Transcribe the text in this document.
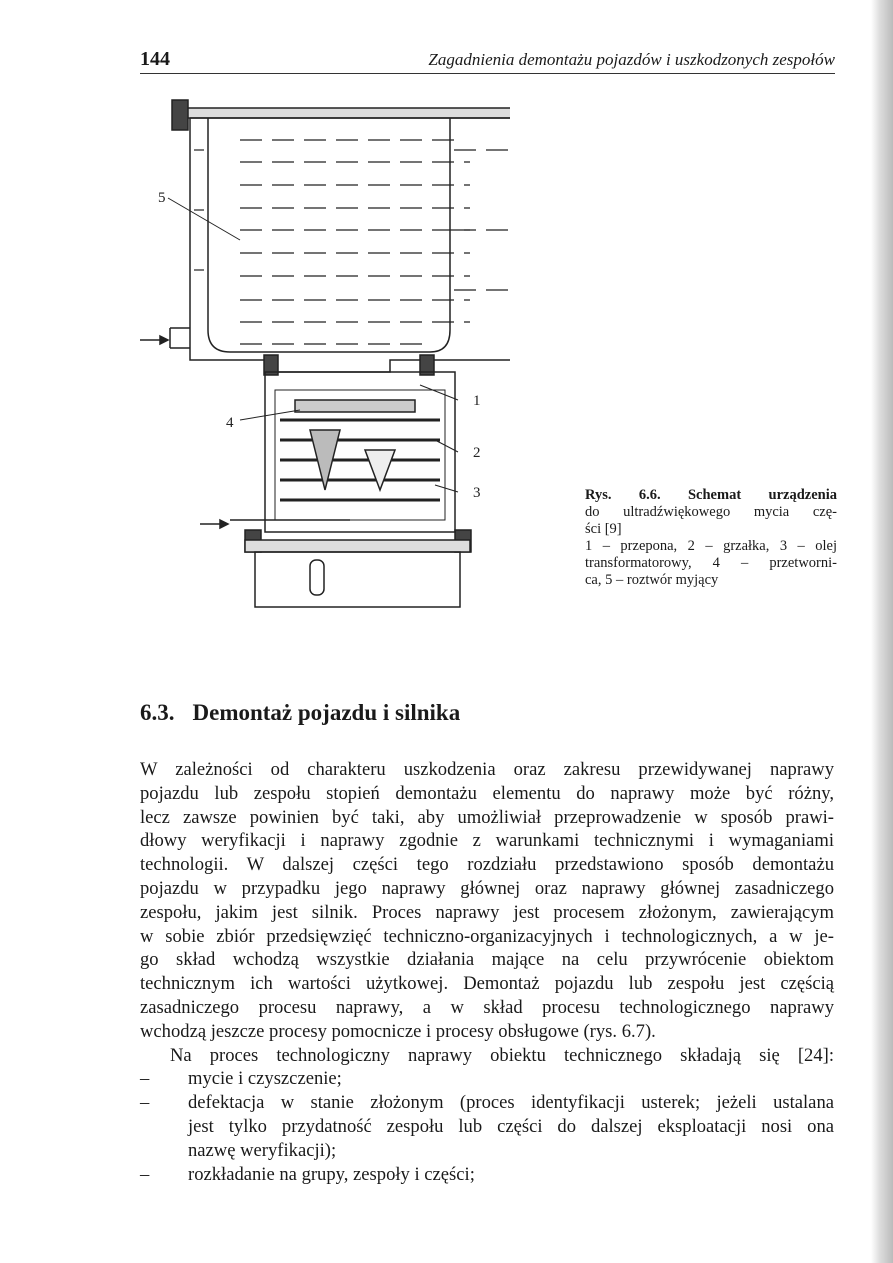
144	Zagadnienia demontażu pojazdów i uszkodzonych zespołów
5
1
2
3
4
Rys. 6.6. Schemat urządzenia
do ultradźwiękowego mycia czę-
ści [9]
1 – przepona, 2 – grzałka, 3 – olej
transformatorowy, 4 – przetworni-
ca, 5 – roztwór myjący
6.3. Demontaż pojazdu i silnika
W zależności od charakteru uszkodzenia oraz zakresu przewidywanej naprawy
pojazdu lub zespołu stopień demontażu elementu do naprawy może być różny,
lecz zawsze powinien być taki, aby umożliwiał przeprowadzenie w sposób prawi-
dłowy weryfikacji i naprawy zgodnie z warunkami technicznymi i wymaganiami
technologii. W dalszej części tego rozdziału przedstawiono sposób demontażu
pojazdu w przypadku jego naprawy głównej oraz naprawy głównej zasadniczego
zespołu, jakim jest silnik. Proces naprawy jest procesem złożonym, zawierającym
w sobie zbiór przedsięwzięć techniczno-organizacyjnych i technologicznych, a w je-
go skład wchodzą wszystkie działania mające na celu przywrócenie obiektom
technicznym ich wartości użytkowej. Demontaż pojazdu lub zespołu jest częścią
zasadniczego procesu naprawy, a w skład procesu technologicznego naprawy
wchodzą jeszcze procesy pomocnicze i procesy obsługowe (rys. 6.7).
Na proces technologiczny naprawy obiektu technicznego składają się [24]:
–	mycie i czyszczenie;
–	defektacja w stanie złożonym (proces identyfikacji usterek; jeżeli ustalana
jest tylko przydatność zespołu lub części do dalszej eksploatacji nosi ona
nazwę weryfikacji);
–	rozkładanie na grupy, zespoły i części;
